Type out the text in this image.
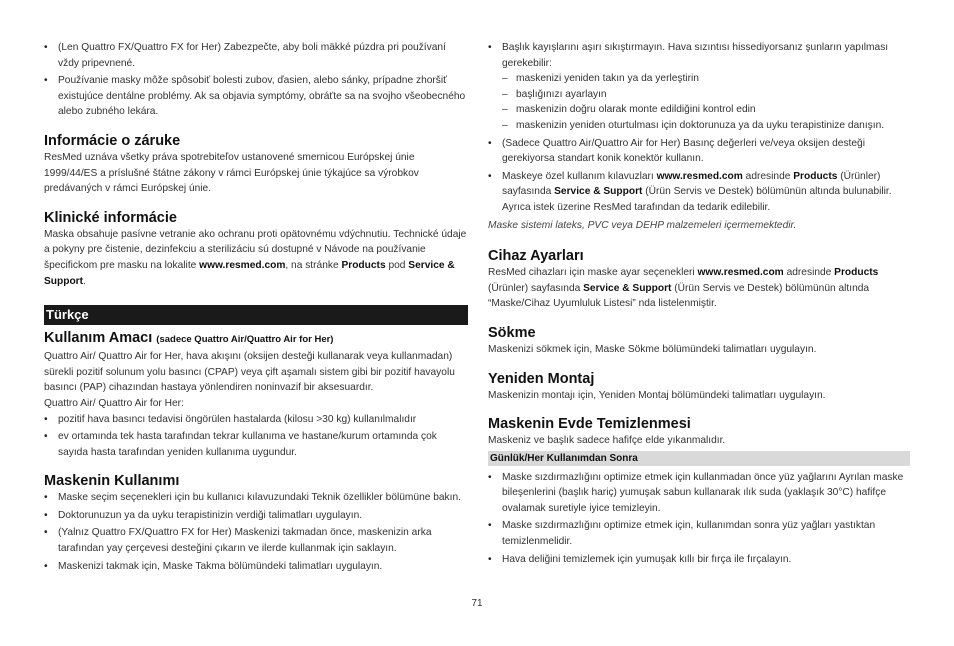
• (Len Quattro FX/Quattro FX for Her) Zabezpečte, aby boli mäkké púzdra pri používaní vždy pripevnené.
• Používanie masky môže spôsobiť bolesti zubov, ďasien, alebo sánky, prípadne zhoršiť existujúce dentálne problémy. Ak sa objavia symptómy, obráťte sa na svojho všeobecného alebo zubného lekára.
Informácie o záruke

ResMed uznáva všetky práva spotrebiteľov ustanovené smernicou Európskej únie 1999/44/ES a príslušné štátne zákony v rámci Európskej únie týkajúce sa výrobkov predávaných v rámci Európskej únie.

Klinické informácie

Maska obsahuje pasívne vetranie ako ochranu proti opätovnému vdýchnutiu. Technické údaje a pokyny pre čistenie, dezinfekciu a sterilizáciu sú dostupné v Návode na používanie špecifickom pre masku na lokalite www.resmed.com, na stránke Products pod Service & Support.

Türkçe
Kullanım Amacı (sadece Quattro Air/Quattro Air for Her)

Quattro Air/ Quattro Air for Her, hava akışını (oksijen desteği kullanarak veya kullanmadan) sürekli pozitif solunum yolu basıncı (CPAP) veya çift aşamalı sistem gibi bir pozitif havayolu basıncı (PAP) cihazından hastaya yönlendiren noninvazif bir aksesuardır.

Quattro Air/ Quattro Air for Her:

• pozitif hava basıncı tedavisi öngörülen hastalarda (kilosu >30 kg) kullanılmalıdır
• ev ortamında tek hasta tarafından tekrar kullanıma ve hastane/kurum ortamında çok sayıda hasta tarafından yeniden kullanıma uygundur.
Maskenin Kullanımı
• Maske seçim seçenekleri için bu kullanıcı kılavuzundaki Teknik özellikler bölümüne bakın.
• Doktorunuzun ya da uyku terapistinizin verdiği talimatları uygulayın.
• (Yalnız Quattro FX/Quattro FX for Her) Maskenizi takmadan önce, maskenizin arka tarafından yay çerçevesi desteğini çıkarın ve ilerde kullanmak için saklayın.
• Maskenizi takmak için, Maske Takma bölümündeki talimatları uygulayın.
• Başlık kayışlarını aşırı sıkıştırmayın. Hava sızıntısı hissediyorsanız şunların yapılması gerekebilir:
– maskenizi yeniden takın ya da yerleştirin
– başlığınızı ayarlayın
– maskenizin doğru olarak monte edildiğini kontrol edin
– maskenizin yeniden oturtulması için doktorunuza ya da uyku terapistinize danışın.
• (Sadece Quattro Air/Quattro Air for Her) Basınç değerleri ve/veya oksijen desteği gerekiyorsa standart konik konektör kullanın.
• Maskeye özel kullanım kılavuzları www.resmed.com adresinde Products (Ürünler) sayfasında Service & Support (Ürün Servis ve Destek) bölümünün altında bulunabilir. Ayrıca istek üzerine ResMed tarafından da tedarik edilebilir.

Maske sistemi lateks, PVC veya DEHP malzemeleri içermemektedir.

Cihaz Ayarları

ResMed cihazları için maske ayar seçenekleri www.resmed.com adresinde Products (Ürünler) sayfasında Service & Support (Ürün Servis ve Destek) bölümünün altında “Maske/Cihaz Uyumluluk Listesi” nda listelenmiştir.

Sökme

Maskenizi sökmek için, Maske Sökme bölümündeki talimatları uygulayın.

Yeniden Montaj

Maskenizin montajı için, Yeniden Montaj bölümündeki talimatları uygulayın.

Maskenin Evde Temizlenmesi

Maskeniz ve başlık sadece hafifçe elde yıkanmalıdır.

Günlük/Her Kullanımdan Sonra
• Maske sızdırmazlığını optimize etmek için kullanmadan önce yüz yağlarını Ayrılan maske bileşenlerini (başlık hariç) yumuşak sabun kullanarak ılık suda (yaklaşık 30°C) hafifçe ovalamak suretiyle iyice temizleyin.
• Maske sızdırmazlığını optimize etmek için, kullanımdan sonra yüz yağları yastıktan temizlenmelidir.
• Hava deliğini temizlemek için yumuşak kıllı bir fırça ile fırçalayın.
71
